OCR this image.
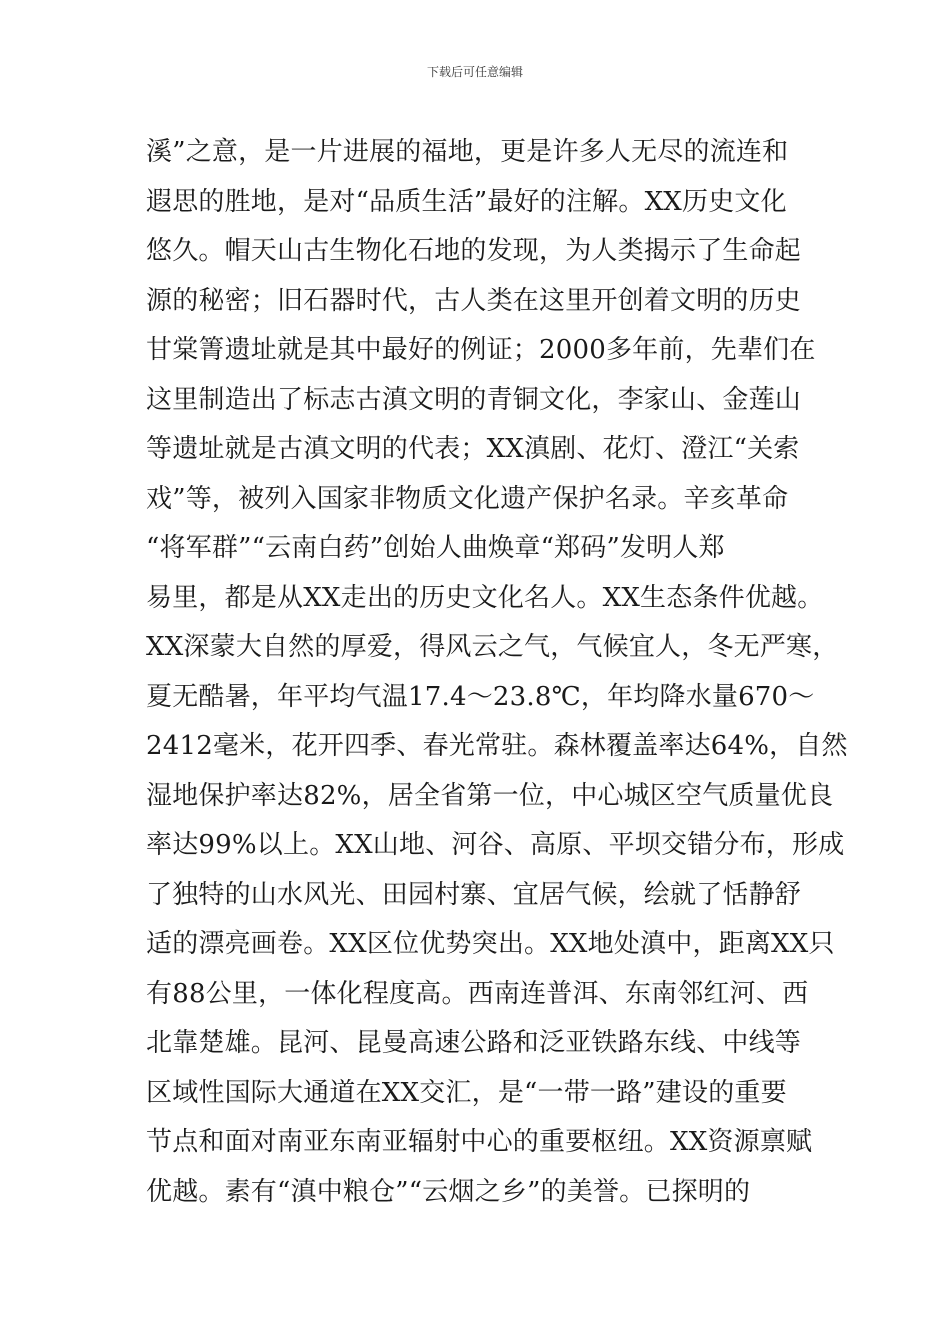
下载后可任意编辑
溪”之意，是一片进展的福地，更是许多人无尽的流连和
遐思的胜地，是对“品质生活”最好的注解。XX历史文化
悠久。帽天山古生物化石地的发现，为人类揭示了生命起
源的秘密；旧石器时代，古人类在这里开创着文明的历史
甘棠箐遗址就是其中最好的例证；2000多年前，先辈们在
这里制造出了标志古滇文明的青铜文化，李家山、金莲山
等遗址就是古滇文明的代表；XX滇剧、花灯、澄江“关索
戏”等，被列入国家非物质文化遗产保护名录。辛亥革命
“将军群”“云南白药”创始人曲焕章“郑码”发明人郑
易里，都是从XX走出的历史文化名人。XX生态条件优越。
XX深蒙大自然的厚爱，得风云之气，气候宜人，冬无严寒，
夏无酷暑，年平均气温17.4～23.8℃，年均降水量670～
2412毫米，花开四季、春光常驻。森林覆盖率达64%，自然
湿地保护率达82%，居全省第一位，中心城区空气质量优良
率达99%以上。XX山地、河谷、高原、平坝交错分布，形成
了独特的山水风光、田园村寨、宜居气候，绘就了恬静舒
适的漂亮画卷。XX区位优势突出。XX地处滇中，距离XX只
有88公里，一体化程度高。西南连普洱、东南邻红河、西
北靠楚雄。昆河、昆曼高速公路和泛亚铁路东线、中线等
区域性国际大通道在XX交汇，是“一带一路”建设的重要
节点和面对南亚东南亚辐射中心的重要枢纽。XX资源禀赋
优越。素有“滇中粮仓”“云烟之乡”的美誉。已探明的
